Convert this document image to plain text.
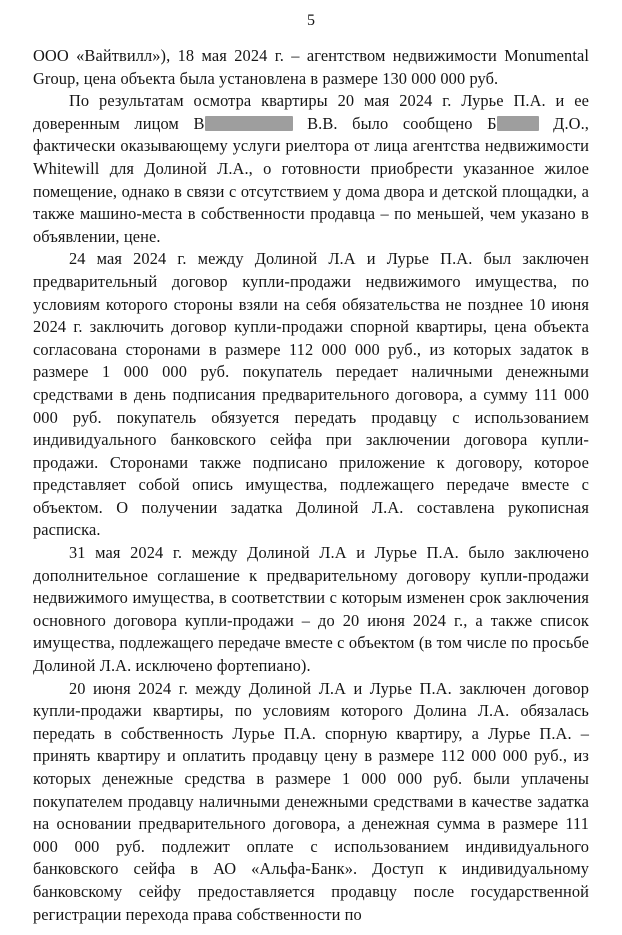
5

ООО «Вайтвилл»), 18 мая 2024 г. – агентством недвижимости Monumental Group, цена объекта была установлена в размере 130 000 000 руб.

По результатам осмотра квартиры 20 мая 2024 г. Лурье П.А. и ее доверенным лицом В	В.В. было сообщено Б	Д.О., фактически оказывающему услуги риелтора от лица агентства недвижимости Whitewill для Долиной Л.А., о готовности приобрести указанное жилое помещение, однако в связи с отсутствием у дома двора и детской площадки, а также машино-места в собственности продавца – по меньшей, чем указано в объявлении, цене.

24 мая 2024 г. между Долиной Л.А и Лурье П.А. был заключен предварительный договор купли-продажи недвижимого имущества, по условиям которого стороны взяли на себя обязательства не позднее 10 июня 2024 г. заключить договор купли-продажи спорной квартиры, цена объекта согласована сторонами в размере 112 000 000 руб., из которых задаток в размере 1 000 000 руб. покупатель передает наличными денежными средствами в день подписания предварительного договора, а сумму 111 000 000 руб. покупатель обязуется передать продавцу с использованием индивидуального банковского сейфа при заключении договора купли-продажи. Сторонами также подписано приложение к договору, которое представляет собой опись имущества, подлежащего передаче вместе с объектом. О получении задатка Долиной Л.А. составлена рукописная расписка.

31 мая 2024 г. между Долиной Л.А и Лурье П.А. было заключено дополнительное соглашение к предварительному договору купли-продажи недвижимого имущества, в соответствии с которым изменен срок заключения основного договора купли-продажи – до 20 июня 2024 г., а также список имущества, подлежащего передаче вместе с объектом (в том числе по просьбе Долиной Л.А. исключено фортепиано).

20 июня 2024 г. между Долиной Л.А и Лурье П.А. заключен договор купли-продажи квартиры, по условиям которого Долина Л.А. обязалась передать в собственность Лурье П.А. спорную квартиру, а Лурье П.А. – принять квартиру и оплатить продавцу цену в размере 112 000 000 руб., из которых денежные средства в размере 1 000 000 руб. были уплачены покупателем продавцу наличными денежными средствами в качестве задатка на основании предварительного договора, а денежная сумма в размере 111 000 000 руб. подлежит оплате с использованием индивидуального банковского сейфа в АО «Альфа-Банк». Доступ к индивидуальному банковскому сейфу предоставляется продавцу после государственной регистрации перехода права собственности по
